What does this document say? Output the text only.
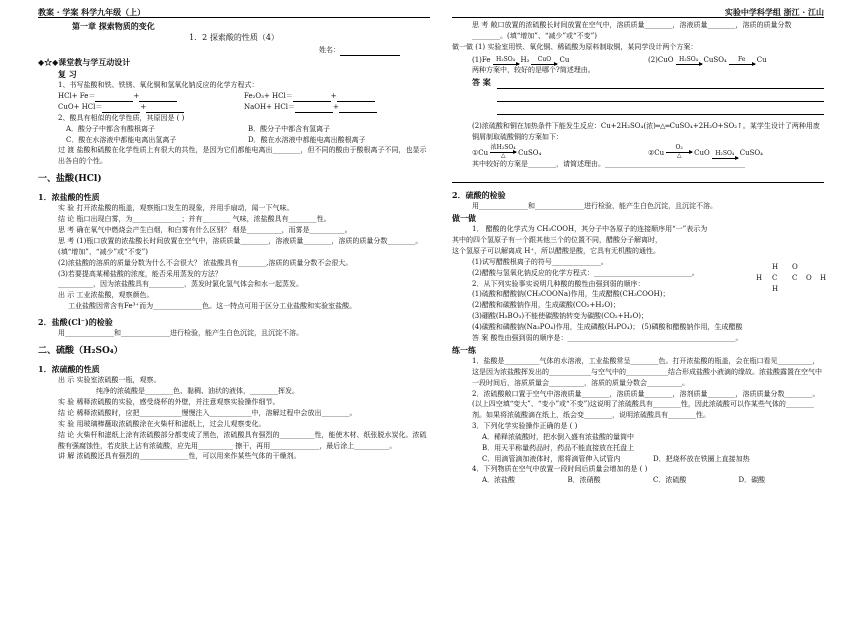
教案 · 学案 科学九年级（上）	实验中学科学组 浙江 · 江山
第一章 探索物质的变化
1．2 探索酸的性质（4）
姓名：
◆☆◆课堂教与学互动设计
复 习

1、书写盐酸和铁、铁锈、氧化铜和氢氧化钠反应的化学方程式：

HCl+ Fe＝	+	Fe₂O₃+ HCl＝	+
CuO+ HCl＝	+	NaOH+ HCl＝	+

2、酸具有相似的化学性质，其原因是 ( )

A．酸分子中都含有酸根离子	B．酸分子中都含有氢离子
C．酸在水溶液中都能电离出氢离子	D．酸在水溶液中都能电离出酸根离子

过 渡 盐酸和硫酸在化学性质上有很大的共性，是因为它们都能电离出________，但不同的酸由于酸根离子不同，也显示出各自的个性。

一、盐酸(HCl)
1．浓盐酸的性质

实 验 打开浓盐酸的瓶盖，观察瓶口发生的现象，并用手扇动，闻一下气味。

结 论 瓶口出现白雾，为______________；并有________ 气味，浓盐酸具有________性。

思 考 确在氧气中燃烧会产生白烟，和白雾有什么区别？ 烟是__________，而雾是__________。

思 考 (1)瓶口放置的浓盐酸长时间放置在空气中，溶质质量________，溶液质量________，溶质的质量分数________。(填“增加”、“减少”或“不变”)

(2)浓盐酸的溶质的质量分数为什么不会很大？ 浓盐酸具有________,溶质的质量分数不会很大。

(3)若要提高某稀盐酸的浓度，能否采用蒸发的方法？

__________，因为浓盐酸具有__________，蒸发时氯化氢气体会和水一起蒸发。

出 示 工业浓盐酸，观察颜色。

工业盐酸因常含有Fe³⁺而为______________色。这一特点可用于区分工业盐酸和实验室盐酸。

2．盐酸(Cl⁻)的检验

用______________和______________进行检验，能产生白色沉淀，且沉淀不溶。

二、硫酸（H₂SO₄）
1．浓硫酸的性质

出 示 实验室浓硫酸一瓶，观察。

纯净的浓硫酸是________色、黏稠、油状的液体，________挥发。

实 验 稀释浓硫酸的实验，感受烧杯的外壁，并注意观察实验操作细节。

结 论 稀释浓硫酸时，应把____________慢慢注入____________中，溶解过程中会放出________。

实 验 用玻璃棒蘸取浓硫酸涂在火柴杆和滤纸上，过会儿观察变化。

结 论 火柴杆和滤纸上涂有浓硫酸部分都变成了黑色，浓硫酸具有强烈的__________性，能使木材、纸张脱水炭化。浓硫酸有强腐蚀性，若皮肤上沾有浓硫酸，应先用__________ 擦干，再用______________，最后涂上__________。

讲 解 浓硫酸还具有强烈的______________性，可以用来作某些气体的干燥剂。

思 考 敞口放置的浓硫酸长时间放置在空气中，溶质质量________，溶液质量________，溶质的质量分数________。(填“增加”、“减少”或“不变”)

做一做 (1) 实验室用铁、氧化铜、稀硫酸为原料制取铜，某同学设计两个方案：

(1)Fe H₂SO₄ H₂ CuO Cu	(2)CuO H₂SO₄ CuSO₄ Fe Cu

两种方案中，较好的是哪个?简述理由。

答 案

(2)浓硫酸和铜在加热条件下能发生反应：Cu+2H₂SO₄(浓)═△═CuSO₄+2H₂O+SO₂↑。某学生设计了两种用废铜屑制取硫酸铜的方案如下：

①Cu
浓H₂SO₄
△ CuSO₄	②Cu
O₂
△ CuO H₂SO₄ CuSO₄

其中较好的方案是________，请简述理由。________________________________________

2．硫酸的检验

用______________和______________进行检验，能产生白色沉淀，且沉淀不溶。

做一做

1． 醋酸的化学式为 CH₃COOH，其分子中各原子的连接顺序用“一”表示为

其中的四个氢原子有一个跟其他三个的位置不同，醋酸分子解离时，

这个氢原子可以解离成 H⁺，所以醋酸是酸，它具有无机酸的通性。

(1)试写醋酸根离子的符号______________。

(2)醋酸与氢氧化钠反应的化学方程式：____________________________。

2．从下列实验事实说明几种酸的酸性由强到弱的顺序：

(1)硫酸和醋酸钠(CH₃COONa)作用，生成醋酸(CH₃COOH)；

(2)醋酸和碳酸钠作用，生成碳酸(CO₂+H₂O)；

(3)硼酸(H₃BO₃)不能使碳酸钠转变为碳酸(CO₂+H₂O)；

(4)碳酸和磷酸钠(Na₃PO₄)作用，生成磷酸(H₃PO₄)； (5)磷酸和醋酸钠作用，生成醋酸

答 案 酸性由强到弱的顺序是：________________________________________________。

练一练

1．盐酸是__________气体的水溶液，工业盐酸常呈________色。打开浓盐酸的瓶盖，会在瓶口看见__________，这是因为浓盐酸挥发出的____________与空气中的____________结合形成盐酸小液滴的缘故。浓盐酸露置在空气中一段时间后，溶质质量会__________，溶质的质量分数会__________。

2．浓硫酸敞口置于空气中溶液质量________，溶质质量________，溶剂质量________，溶质质量分数________。(以上四空填“变大”、“变小”或“不变”)这说明了浓硫酸具有________性，因此浓硫酸可以作某些气体的________剂。如果将浓硫酸滴在纸上，纸会变________，说明浓硫酸具有________性。

3．下列化学实验操作正确的是 ( )

A．稀释浓硫酸时，把水倒入盛有浓盐酸的量筒中

B．用天平称量药品时，药品不能直接放在托盘上

C．用滴管滴加液体时，需将滴管伸入试管内	D．把烧杯放在铁圈上直接加热

4．下列物质在空气中放置一段时间后质量会增加的是 ( )

A．浓盐酸	B．浓硝酸	C．浓硫酸	D．碳酸
H O
H C C O H
H
